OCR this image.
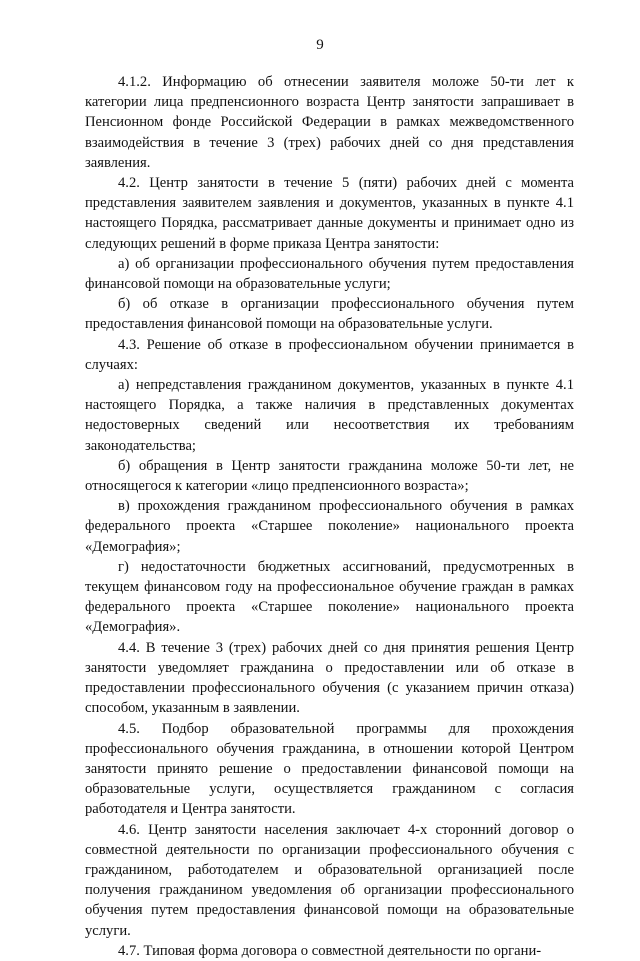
9

4.1.2. Информацию об отнесении заявителя моложе 50-ти лет к категории лица предпенсионного возраста Центр занятости запрашивает в Пенсионном фонде Российской Федерации в рамках межведомственного взаимодействия в течение 3 (трех) рабочих дней со дня представления заявления.

4.2. Центр занятости в течение 5 (пяти) рабочих дней с момента представления заявителем заявления и документов, указанных в пункте 4.1 настоящего Порядка, рассматривает данные документы и принимает одно из следующих решений в форме приказа Центра занятости:

а) об организации профессионального обучения путем предоставления финансовой помощи на образовательные услуги;

б) об отказе в организации профессионального обучения путем предоставления финансовой помощи на образовательные услуги.

4.3. Решение об отказе в профессиональном обучении принимается в случаях:

а) непредставления гражданином документов, указанных в пункте 4.1 настоящего Порядка, а также наличия в представленных документах недостоверных сведений или несоответствия их требованиям законодательства;

б) обращения в Центр занятости гражданина моложе 50-ти лет, не относящегося к категории «лицо предпенсионного возраста»;

в) прохождения гражданином профессионального обучения в рамках федерального проекта «Старшее поколение» национального проекта «Демография»;

г) недостаточности бюджетных ассигнований, предусмотренных в текущем финансовом году на профессиональное обучение граждан в рамках федерального проекта «Старшее поколение» национального проекта «Демография».

4.4. В течение 3 (трех) рабочих дней со дня принятия решения Центр занятости уведомляет гражданина о предоставлении или об отказе в предоставлении профессионального обучения (с указанием причин отказа) способом, указанным в заявлении.

4.5. Подбор образовательной программы для прохождения профессионального обучения гражданина, в отношении которой Центром занятости принято решение о предоставлении финансовой помощи на образовательные услуги, осуществляется гражданином с согласия работодателя и Центра занятости.

4.6. Центр занятости населения заключает 4-х сторонний договор о совместной деятельности по организации профессионального обучения с гражданином, работодателем и образовательной организацией после получения гражданином уведомления об организации профессионального обучения путем предоставления финансовой помощи на образовательные услуги.

4.7. Типовая форма договора о совместной деятельности по органи-
